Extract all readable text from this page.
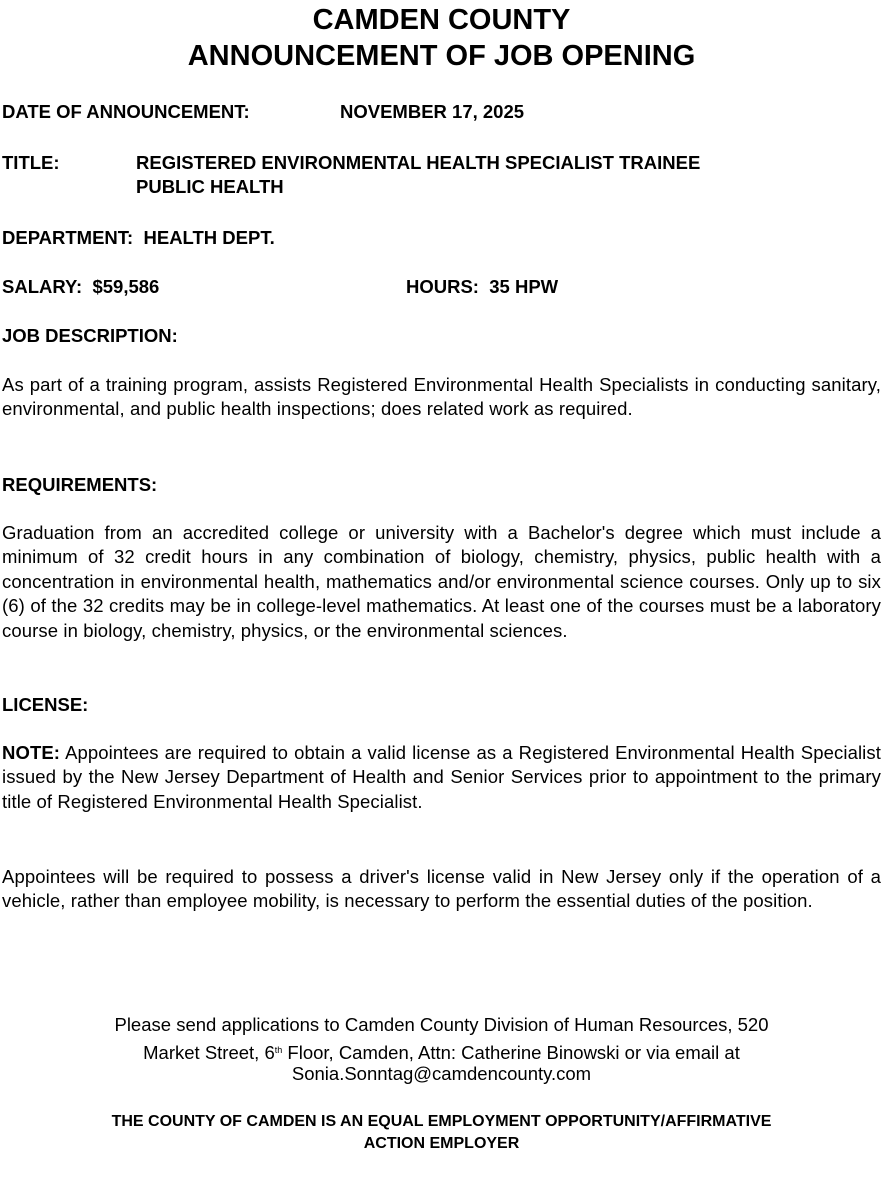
CAMDEN COUNTY
ANNOUNCEMENT OF JOB OPENING
DATE OF ANNOUNCEMENT:	NOVEMBER 17, 2025
TITLE:	REGISTERED ENVIRONMENTAL HEALTH SPECIALIST TRAINEE
PUBLIC HEALTH
DEPARTMENT: HEALTH DEPT.
SALARY: $59,586	HOURS: 35 HPW
JOB DESCRIPTION:
As part of a training program, assists Registered Environmental Health Specialists in conducting sanitary, environmental, and public health inspections; does related work as required.
REQUIREMENTS:
Graduation from an accredited college or university with a Bachelor's degree which must include a minimum of 32 credit hours in any combination of biology, chemistry, physics, public health with a concentration in environmental health, mathematics and/or environmental science courses. Only up to six (6) of the 32 credits may be in college-level mathematics. At least one of the courses must be a laboratory course in biology, chemistry, physics, or the environmental sciences.
LICENSE:
NOTE: Appointees are required to obtain a valid license as a Registered Environmental Health Specialist issued by the New Jersey Department of Health and Senior Services prior to appointment to the primary title of Registered Environmental Health Specialist.
Appointees will be required to possess a driver's license valid in New Jersey only if the operation of a vehicle, rather than employee mobility, is necessary to perform the essential duties of the position.
Please send applications to Camden County Division of Human Resources, 520
Market Street, 6th Floor, Camden, Attn: Catherine Binowski or via email at
Sonia.Sonntag@camdencounty.com
THE COUNTY OF CAMDEN IS AN EQUAL EMPLOYMENT OPPORTUNITY/AFFIRMATIVE
ACTION EMPLOYER
